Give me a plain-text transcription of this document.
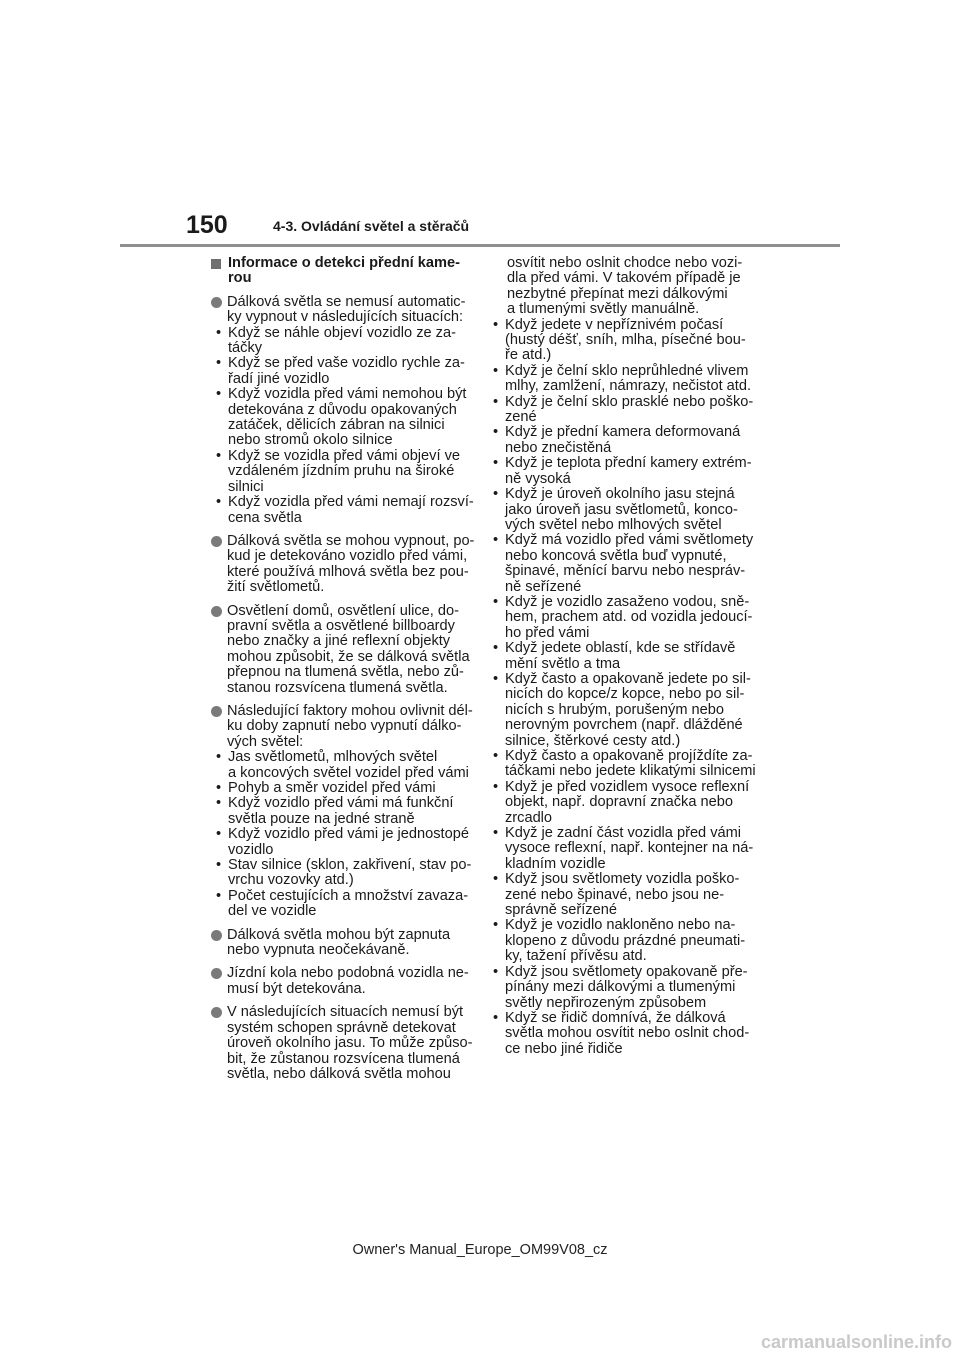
150	4-3. Ovládání světel a stěračů
Informace o detekci přední kame-
rou
Dálková světla se nemusí automatic-
ky vypnout v následujících situacích:
• Když se náhle objeví vozidlo ze za-
táčky
• Když se před vaše vozidlo rychle za-
řadí jiné vozidlo
• Když vozidla před vámi nemohou být
detekována z důvodu opakovaných
zatáček, dělicích zábran na silnici
nebo stromů okolo silnice
• Když se vozidla před vámi objeví ve
vzdáleném jízdním pruhu na široké
silnici
• Když vozidla před vámi nemají rozsví-
cena světla
Dálková světla se mohou vypnout, po-
kud je detekováno vozidlo před vámi,
které používá mlhová světla bez pou-
žití světlometů.
Osvětlení domů, osvětlení ulice, do-
pravní světla a osvětlené billboardy
nebo značky a jiné reflexní objekty
mohou způsobit, že se dálková světla
přepnou na tlumená světla, nebo zů-
stanou rozsvícena tlumená světla.
Následující faktory mohou ovlivnit dél-
ku doby zapnutí nebo vypnutí dálko-
vých světel:
• Jas světlometů, mlhových světel
a koncových světel vozidel před vámi
• Pohyb a směr vozidel před vámi
• Když vozidlo před vámi má funkční
světla pouze na jedné straně
• Když vozidlo před vámi je jednostopé
vozidlo
• Stav silnice (sklon, zakřivení, stav po-
vrchu vozovky atd.)
• Počet cestujících a množství zavaza-
del ve vozidle
Dálková světla mohou být zapnuta
nebo vypnuta neočekávaně.
Jízdní kola nebo podobná vozidla ne-
musí být detekována.
V následujících situacích nemusí být
systém schopen správně detekovat
úroveň okolního jasu. To může způso-
bit, že zůstanou rozsvícena tlumená
světla, nebo dálková světla mohou
osvítit nebo oslnit chodce nebo vozi-
dla před vámi. V takovém případě je
nezbytné přepínat mezi dálkovými
a tlumenými světly manuálně.
• Když jedete v nepříznivém počasí
(hustý déšť, sníh, mlha, písečné bou-
ře atd.)
• Když je čelní sklo neprůhledné vlivem
mlhy, zamlžení, námrazy, nečistot atd.
• Když je čelní sklo prasklé nebo poško-
zené
• Když je přední kamera deformovaná
nebo znečistěná
• Když je teplota přední kamery extrém-
ně vysoká
• Když je úroveň okolního jasu stejná
jako úroveň jasu světlometů, konco-
vých světel nebo mlhových světel
• Když má vozidlo před vámi světlomety
nebo koncová světla buď vypnuté,
špinavé, měnící barvu nebo nespráv-
ně seřízené
• Když je vozidlo zasaženo vodou, sně-
hem, prachem atd. od vozidla jedoucí-
ho před vámi
• Když jedete oblastí, kde se střídavě
mění světlo a tma
• Když často a opakovaně jedete po sil-
nicích do kopce/z kopce, nebo po sil-
nicích s hrubým, porušeným nebo
nerovným povrchem (např. dlážděné
silnice, štěrkové cesty atd.)
• Když často a opakovaně projíždíte za-
táčkami nebo jedete klikatými silnicemi
• Když je před vozidlem vysoce reflexní
objekt, např. dopravní značka nebo
zrcadlo
• Když je zadní část vozidla před vámi
vysoce reflexní, např. kontejner na ná-
kladním vozidle
• Když jsou světlomety vozidla poško-
zené nebo špinavé, nebo jsou ne-
správně seřízené
• Když je vozidlo nakloněno nebo na-
klopeno z důvodu prázdné pneumati-
ky, tažení přívěsu atd.
• Když jsou světlomety opakovaně pře-
pínány mezi dálkovými a tlumenými
světly nepřirozeným způsobem
• Když se řidič domnívá, že dálková
světla mohou osvítit nebo oslnit chod-
ce nebo jiné řidiče
Owner's Manual_Europe_OM99V08_cz
carmanualsonline.info
